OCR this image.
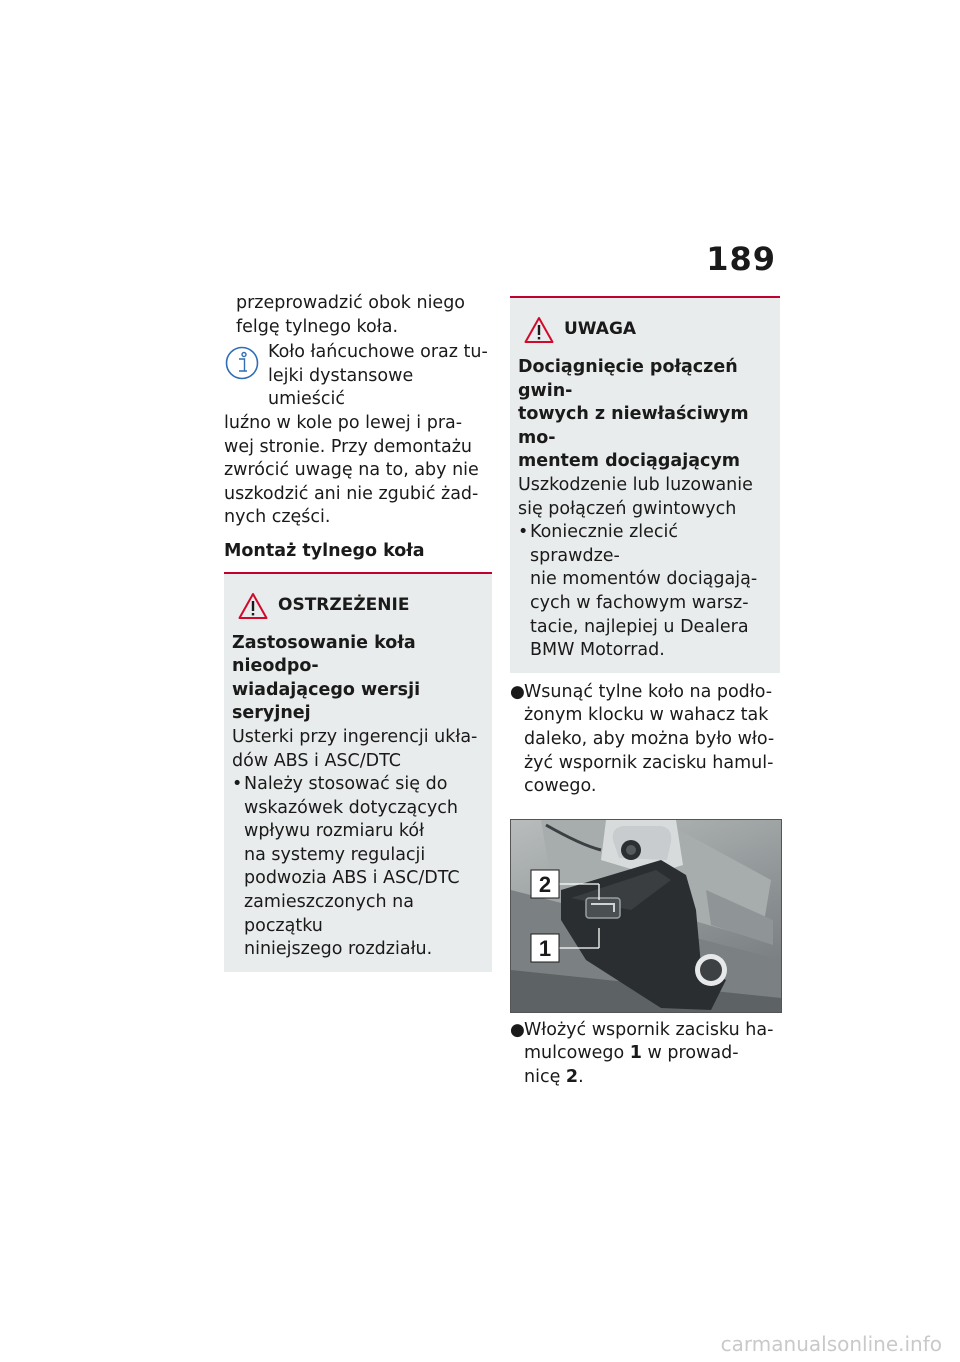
189

przeprowadzić obok niego

felgę tylnego koła.

Koło łańcuchowe oraz tu-

lejki dystansowe umieścić

luźno w kole po lewej i pra-

wej stronie. Przy demontażu

zwrócić uwagę na to, aby nie

uszkodzić ani nie zgubić żad-

nych części.

Montaż tylnego koła

OSTRZEŻENIE

Zastosowanie koła nieodpo-

wiadającego wersji seryjnej

Usterki przy ingerencji ukła-

dów ABS i ASC/DTC

• Należy stosować się do

wskazówek dotyczących

wpływu rozmiaru kół

na systemy regulacji

podwozia ABS i ASC/DTC

zamieszczonych na początku

niniejszego rozdziału.

UWAGA

Dociągnięcie połączeń gwin-

towych z niewłaściwym mo-

mentem dociągającym

Uszkodzenie lub luzowanie

się połączeń gwintowych

• Koniecznie zlecić sprawdze-

nie momentów dociągają-

cych w fachowym warsz-

tacie, najlepiej u Dealera

BMW Motorrad.

● Wsunąć tylne koło na podło-

żonym klocku w wahacz tak

daleko, aby można było wło-

żyć wspornik zacisku hamul-

cowego.

2
1
● Włożyć wspornik zacisku ha-

mulcowego 1 w prowad-

nicę 2.

carmanualsonline.info
